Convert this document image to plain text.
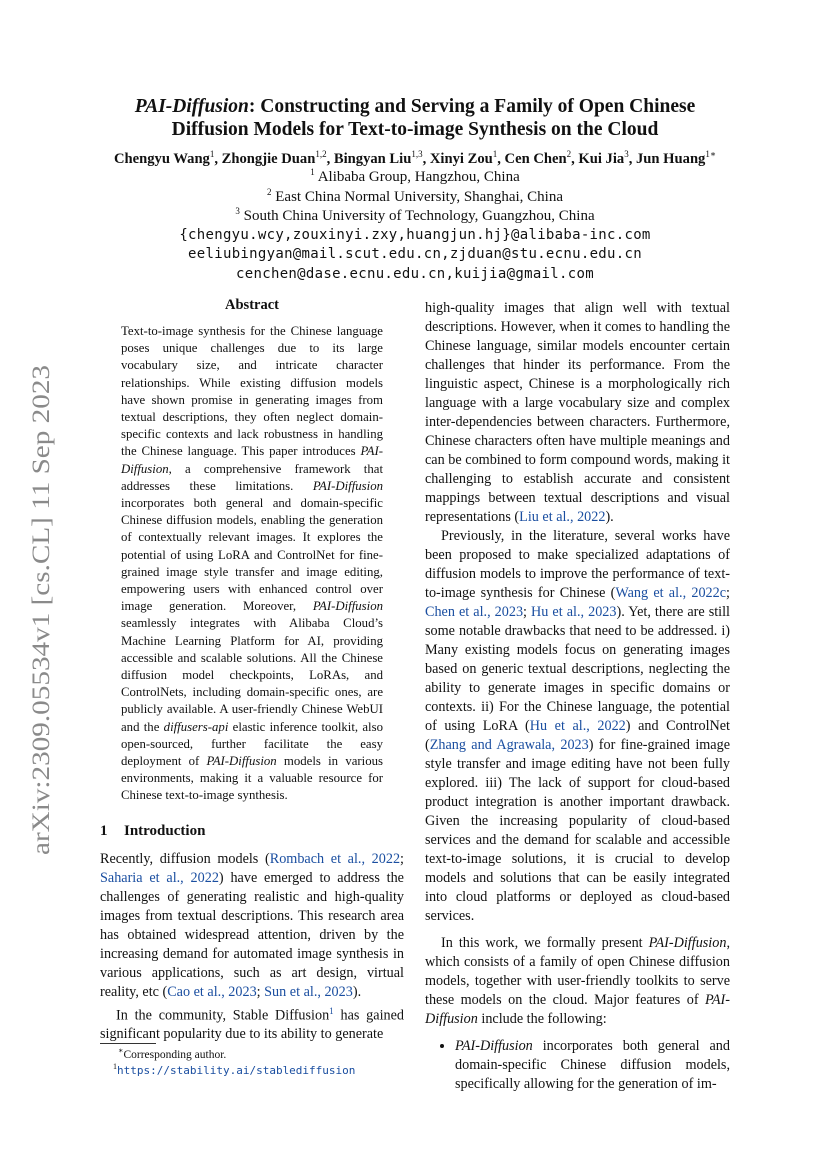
arXiv:2309.05534v1 [cs.CL] 11 Sep 2023
PAI-Diffusion: Constructing and Serving a Family of Open Chinese
Diffusion Models for Text-to-image Synthesis on the Cloud
Chengyu Wang$^1$, Zhongjie Duan$^{1,2}$, Bingyan Liu$^{1,3}$, Xinyi Zou$^1$, Cen Chen$^2$, Kui Jia$^3$, Jun Huang$^{1∗}$
$^1$ Alibaba Group, Hangzhou, China
$^2$ East China Normal University, Shanghai, China
$^3$ South China University of Technology, Guangzhou, China
{chengyu.wcy,zouxinyi.zxy,huangjun.hj}@alibaba-inc.com
eeliubingyan@mail.scut.edu.cn,zjduan@stu.ecnu.edu.cn
cenchen@dase.ecnu.edu.cn,kuijia@gmail.com
Abstract

Text-to-image synthesis for the Chinese language poses unique challenges due to its large vocabulary size, and intricate character relationships. While existing diffusion models have shown promise in generating images from textual descriptions, they often neglect domain-specific contexts and lack robustness in handling the Chinese language. This paper introduces PAI-Diffusion, a comprehensive framework that addresses these limitations. PAI-Diffusion incorporates both general and domain-specific Chinese diffusion models, enabling the generation of contextually relevant images. It explores the potential of using LoRA and ControlNet for fine-grained image style transfer and image editing, empowering users with enhanced control over image generation. Moreover, PAI-Diffusion seamlessly integrates with Alibaba Cloud’s Machine Learning Platform for AI, providing accessible and scalable solutions. All the Chinese diffusion model checkpoints, LoRAs, and ControlNets, including domain-specific ones, are publicly available. A user-friendly Chinese WebUI and the diffusers-api elastic inference toolkit, also open-sourced, further facilitate the easy deployment of PAI-Diffusion models in various environments, making it a valuable resource for Chinese text-to-image synthesis.

1 Introduction

Recently, diffusion models (Rombach et al., 2022; Saharia et al., 2022) have emerged to address the challenges of generating realistic and high-quality images from textual descriptions. This research area has obtained widespread attention, driven by the increasing demand for automated image synthesis in various applications, such as art design, virtual reality, etc (Cao et al., 2023; Sun et al., 2023).

In the community, Stable Diffusion$^1$ has gained significant popularity due to its ability to generate

∗Corresponding author.
$^1$https://stability.ai/stablediffusion

high-quality images that align well with textual descriptions. However, when it comes to handling the Chinese language, similar models encounter certain challenges that hinder its performance. From the linguistic aspect, Chinese is a morphologically rich language with a large vocabulary size and complex inter-dependencies between characters. Furthermore, Chinese characters often have multiple meanings and can be combined to form compound words, making it challenging to establish accurate and consistent mappings between textual descriptions and visual representations (Liu et al., 2022).

Previously, in the literature, several works have been proposed to make specialized adaptations of diffusion models to improve the performance of text-to-image synthesis for Chinese (Wang et al., 2022c; Chen et al., 2023; Hu et al., 2023). Yet, there are still some notable drawbacks that need to be addressed. i) Many existing models focus on generating images based on generic textual descriptions, neglecting the ability to generate images in specific domains or contexts. ii) For the Chinese language, the potential of using LoRA (Hu et al., 2022) and ControlNet (Zhang and Agrawala, 2023) for fine-grained image style transfer and image editing have not been fully explored. iii) The lack of support for cloud-based product integration is another important drawback. Given the increasing popularity of cloud-based services and the demand for scalable and accessible text-to-image solutions, it is crucial to develop models and solutions that can be easily integrated into cloud platforms or deployed as cloud-based services.

In this work, we formally present PAI-Diffusion, which consists of a family of open Chinese diffusion models, together with user-friendly toolkits to serve these models on the cloud. Major features of PAI-Diffusion include the following:

• PAI-Diffusion incorporates both general and domain-specific Chinese diffusion models, specifically allowing for the generation of im-
